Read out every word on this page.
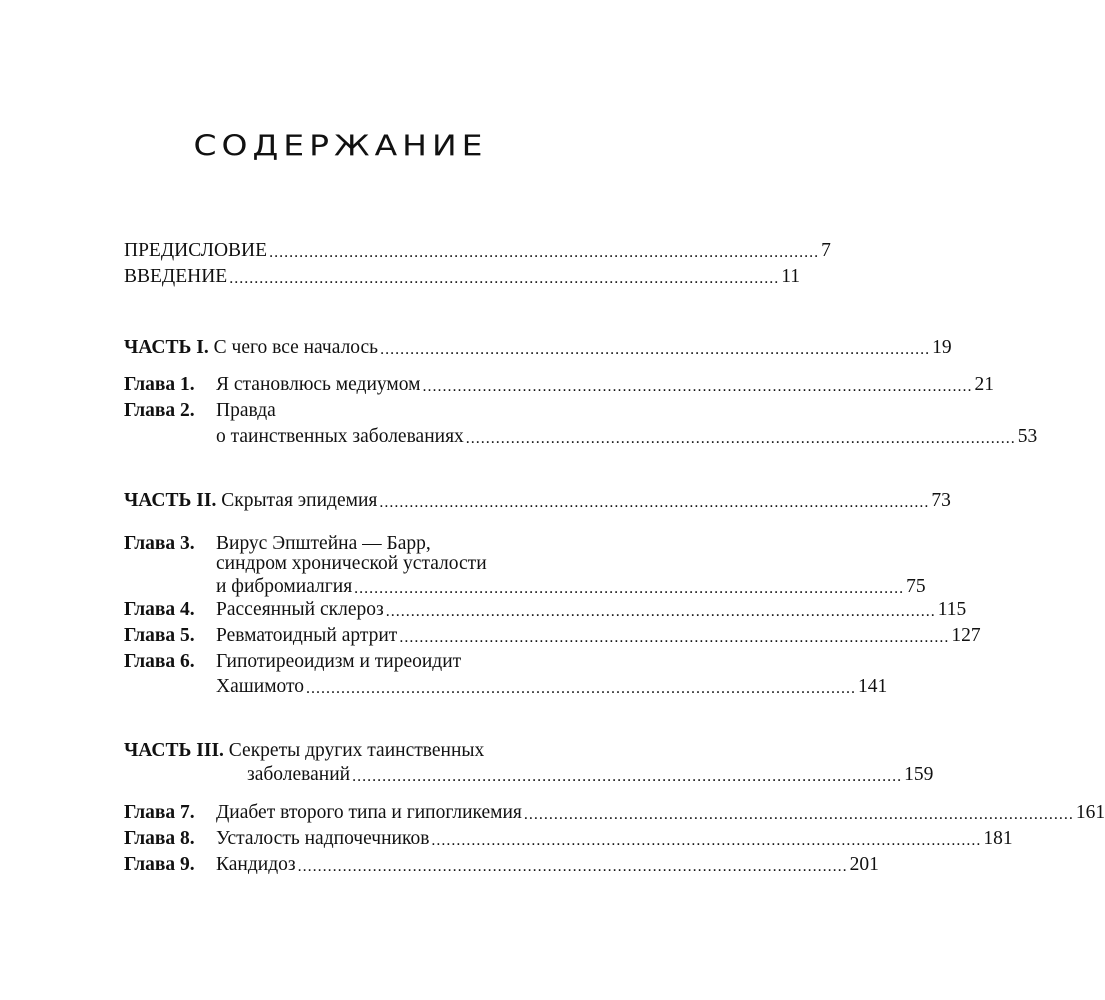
СОДЕРЖАНИЕ
ПРЕДИСЛОВИЕ .............................................................................................................. 7
ВВЕДЕНИЕ .............................................................................................................. 11
ЧАСТЬ I. С чего все началось .............................................................................................................. 19
Глава 1. Я становлюсь медиумом .............................................................................................................. 21
Глава 2. Правда
о таинственных заболеваниях .............................................................................................................. 53
ЧАСТЬ II. Скрытая эпидемия .............................................................................................................. 73
Глава 3. Вирус Эпштейна — Барр,
синдром хронической усталости
и фибромиалгия .............................................................................................................. 75
Глава 4. Рассеянный склероз .............................................................................................................. 115
Глава 5. Ревматоидный артрит .............................................................................................................. 127
Глава 6. Гипотиреоидизм и тиреоидит
Хашимото .............................................................................................................. 141
ЧАСТЬ III. Секреты других таинственных
заболеваний .............................................................................................................. 159
Глава 7. Диабет второго типа и гипогликемия .............................................................................................................. 161
Глава 8. Усталость надпочечников .............................................................................................................. 181
Глава 9. Кандидоз .............................................................................................................. 201
